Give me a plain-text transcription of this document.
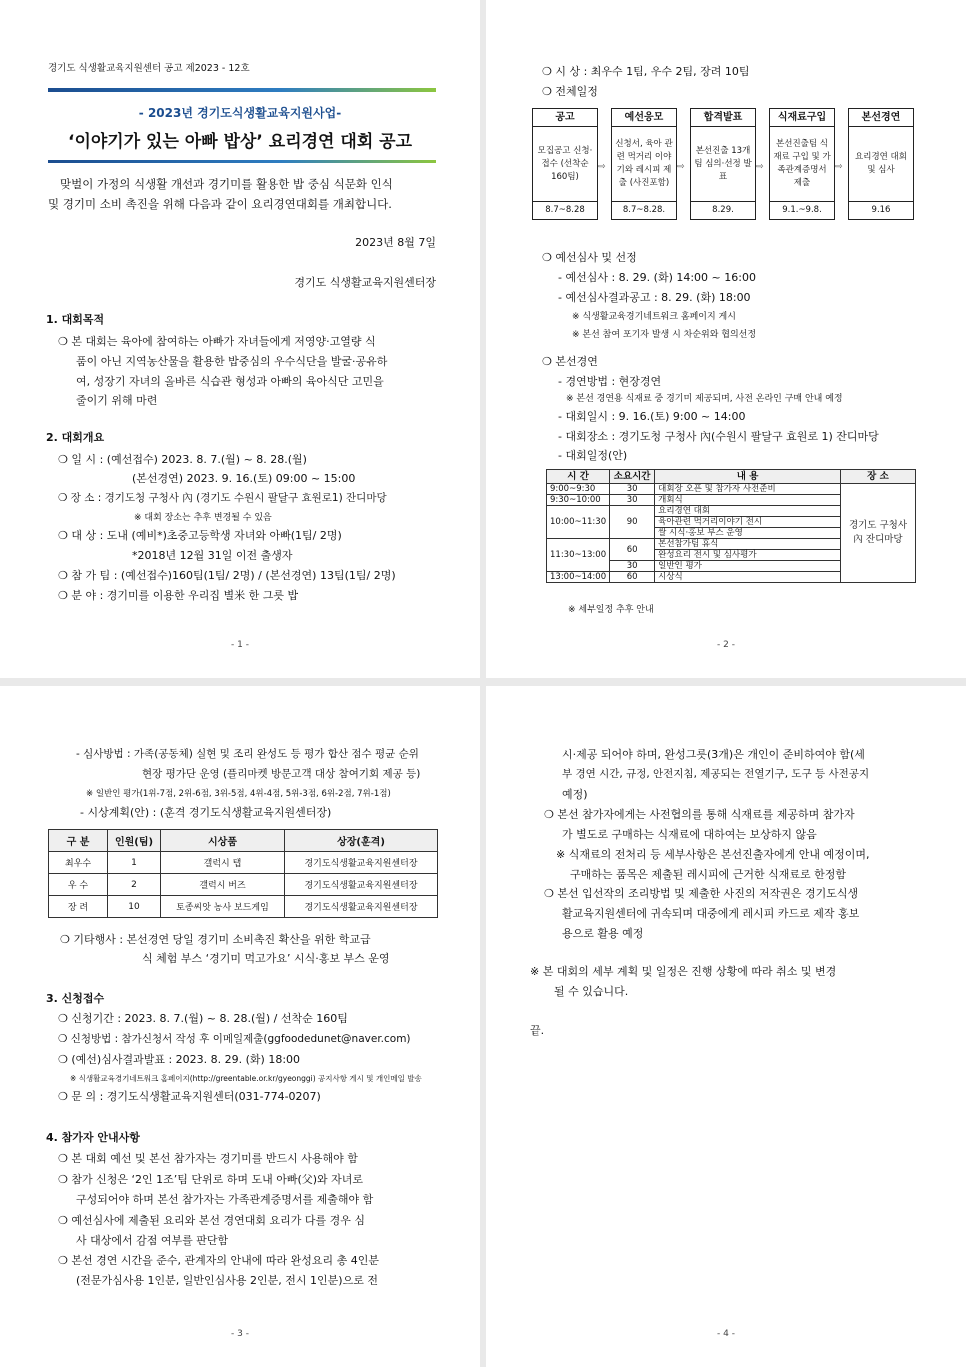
경기도 식생활교육지원센터 공고 제2023 - 12호
- 2023년 경기도식생활교육지원사업-
‘이야기가 있는 아빠 밥상’ 요리경연 대회 공고
맞벌이 가정의 식생활 개선과 경기미를 활용한 밥 중심 식문화 인식
및 경기미 소비 촉진을 위해 다음과 같이 요리경연대회를 개최합니다.
2023년 8월 7일
경기도 식생활교육지원센터장
1. 대회목적
❍ 본 대회는 육아에 참여하는 아빠가 자녀들에게 저영양·고열량 식
품이 아닌 지역농산물을 활용한 밥중심의 우수식단을 발굴·공유하
여, 성장기 자녀의 올바른 식습관 형성과 아빠의 육아식단 고민을
줄이기 위해 마련
2. 대회개요
❍ 일 시 : (예선접수) 2023. 8. 7.(월) ~ 8. 28.(월)
(본선경연) 2023. 9. 16.(토) 09:00 ~ 15:00
❍ 장 소 : 경기도청 구청사 內 (경기도 수원시 팔달구 효원로1) 잔디마당
※ 대회 장소는 추후 변경될 수 있음
❍ 대 상 : 도내 (예비*)초중고등학생 자녀와 아빠(1팀/ 2명)
*2018년 12월 31일 이전 출생자
❍ 참 가 팀 : (예선접수)160팀(1팀/ 2명) / (본선경연) 13팀(1팀/ 2명)
❍ 분 야 : 경기미를 이용한 우리집 별米 한 그릇 밥
- 1 -
❍ 시 상 : 최우수 1팀, 우수 2팀, 장려 10팀
❍ 전체일정
공고
모집공고 신청·접수 (선착순 160팀)
8.7~8.28
⇨
예선응모
신청서, 육아 관련 먹거리 이야기와 레시피 제출 (사진포함)
8.7~8.28.
⇨
합격발표
본선진출 13개팀 심의·선정 발표
8.29.
⇨
식재료구입
본선진출팀 식재료 구입 및 가족관계증명서 제출
9.1.~9.8.
⇨
본선경연
요리경연 대회 및 심사
9.16
❍ 예선심사 및 선정
- 예선심사 : 8. 29. (화) 14:00 ~ 16:00
- 예선심사결과공고 : 8. 29. (화) 18:00
※ 식생활교육경기네트워크 홈페이지 게시
※ 본선 참여 포기자 발생 시 차순위와 협의선정
❍ 본선경연
- 경연방법 : 현장경연
※ 본선 경연용 식재료 중 경기미 제공되며, 사전 온라인 구매 안내 예정
- 대회일시 : 9. 16.(토) 9:00 ~ 14:00
- 대회장소 : 경기도청 구청사 內(수원시 팔달구 효원로 1) 잔디마당
- 대회일정(안)
시 간	소요시간	내 용	장 소
9:00~9:30	30	대회장 오픈 및 참가자 사전준비	경기도 구청사 內 잔디마당
9:30~10:00	30	개회식	
10:00~11:30	90	요리경연 대회	
		육아관련 먹거리이야기 전시	
		쌀 시식·홍보 부스 운영	
11:30~13:00	60	본선참가팀 휴식	
		완성요리 전시 및 심사평가	
	30	일반인 평가	
13:00~14:00	60	시상식	
※ 세부일정 추후 안내
- 2 -
- 심사방법 : 가족(공동체) 실현 및 조리 완성도 등 평가 합산 점수 평균 순위
현장 평가단 운영 (플리마켓 방문고객 대상 참여기회 제공 등)
※ 일반인 평가(1위-7점, 2위-6점, 3위-5점, 4위-4점, 5위-3점, 6위-2점, 7위-1점)
- 시상계획(안) : (훈격 경기도식생활교육지원센터장)
구 분	인원(팀)	시상품	상장(훈격)
최우수	1	갤럭시 탭	경기도식생활교육지원센터장
우 수	2	갤럭시 버즈	경기도식생활교육지원센터장
장 려	10	토종씨앗 농사 보드게임	경기도식생활교육지원센터장
❍ 기타행사 : 본선경연 당일 경기미 소비촉진 확산을 위한 학교급
식 체험 부스 ‘경기미 먹고가요’ 시식·홍보 부스 운영
3. 신청접수
❍ 신청기간 : 2023. 8. 7.(월) ~ 8. 28.(월) / 선착순 160팀
❍ 신청방법 : 참가신청서 작성 후 이메일제출(ggfoodedunet@naver.com)
❍ (예선)심사결과발표 : 2023. 8. 29. (화) 18:00
※ 식생활교육경기네트워크 홈페이지(http://greentable.or.kr/gyeonggi) 공지사항 게시 및 개인메일 발송
❍ 문 의 : 경기도식생활교육지원센터(031-774-0207)
4. 참가자 안내사항
❍ 본 대회 예선 및 본선 참가자는 경기미를 반드시 사용해야 함
❍ 참가 신청은 ‘2인 1조’팀 단위로 하며 도내 아빠(父)와 자녀로
구성되어야 하며 본선 참가자는 가족관계증명서를 제출해야 함
❍ 예선심사에 제출된 요리와 본선 경연대회 요리가 다를 경우 심
사 대상에서 감점 여부를 판단함
❍ 본선 경연 시간을 준수, 관계자의 안내에 따라 완성요리 총 4인분
(전문가심사용 1인분, 일반인심사용 2인분, 전시 1인분)으로 전
- 3 -
시·제공 되어야 하며, 완성그릇(3개)은 개인이 준비하여야 함(세
부 경연 시간, 규정, 안전지침, 제공되는 전열기구, 도구 등 사전공지
예정)
❍ 본선 참가자에게는 사전협의를 통해 식재료를 제공하며 참가자
가 별도로 구매하는 식재료에 대하여는 보상하지 않음
※ 식재료의 전처리 등 세부사항은 본선진출자에게 안내 예정이며,
구매하는 품목은 제출된 레시피에 근거한 식재료로 한정함
❍ 본선 입선작의 조리방법 및 제출한 사진의 저작권은 경기도식생
활교육지원센터에 귀속되며 대중에게 레시피 카드로 제작 홍보
용으로 활용 예정
※ 본 대회의 세부 계획 및 일정은 진행 상황에 따라 취소 및 변경
될 수 있습니다.
끝.
- 4 -
